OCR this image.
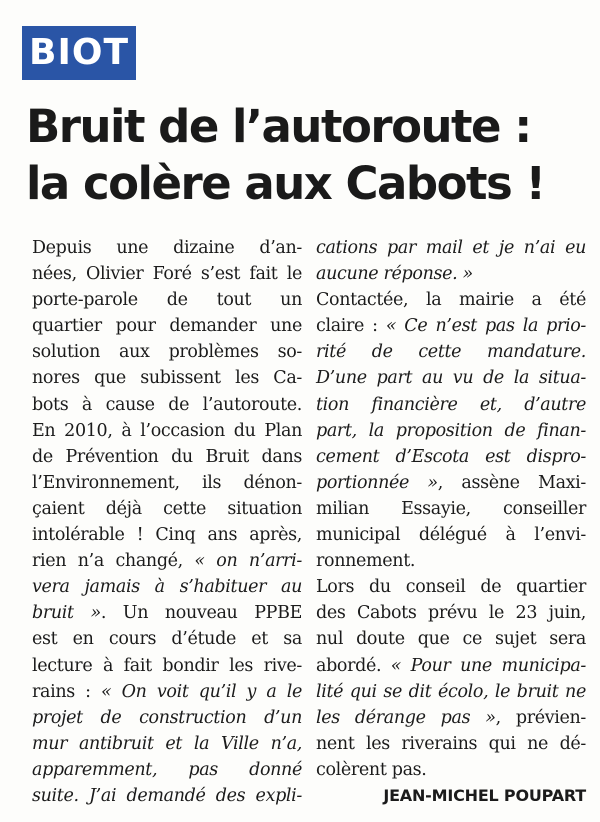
BIOT
Bruit de l’autoroute :
la colère aux Cabots !
Depuis une dizaine d’an-
nées, Olivier Foré s’est fait le
porte-parole de tout un
quartier pour demander une
solution aux problèmes so-
nores que subissent les Ca-
bots à cause de l’autoroute.
En 2010, à l’occasion du Plan
de Prévention du Bruit dans
l’Environnement, ils dénon-
çaient déjà cette situation
intolérable ! Cinq ans après,
rien n’a changé, « on n’arri-
vera jamais à s’habituer au
bruit ». Un nouveau PPBE
est en cours d’étude et sa
lecture à fait bondir les rive-
rains : « On voit qu’il y a le
projet de construction d’un
mur antibruit et la Ville n’a,
apparemment, pas donné
suite. J’ai demandé des expli-
cations par mail et je n’ai eu
aucune réponse. »
Contactée, la mairie a été
claire : « Ce n’est pas la prio-
rité de cette mandature.
D’une part au vu de la situa-
tion financière et, d’autre
part, la proposition de finan-
cement d’Escota est dispro-
portionnée », assène Maxi-
milian Essayie, conseiller
municipal délégué à l’envi-
ronnement.
Lors du conseil de quartier
des Cabots prévu le 23 juin,
nul doute que ce sujet sera
abordé. « Pour une municipa-
lité qui se dit écolo, le bruit ne
les dérange pas », prévien-
nent les riverains qui ne dé-
colèrent pas.
JEAN-MICHEL POUPART
